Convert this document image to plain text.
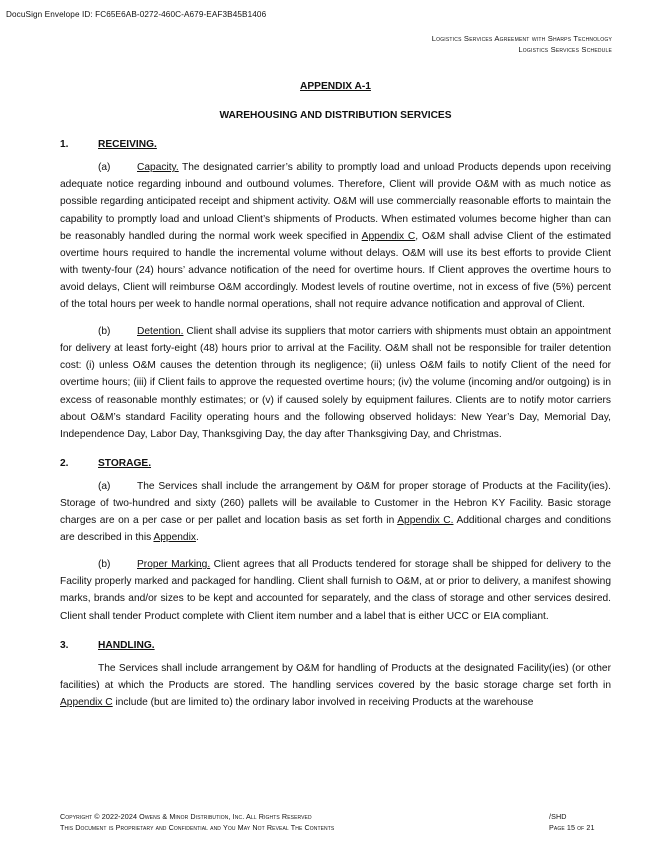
DocuSign Envelope ID: FC65E6AB-0272-460C-A679-EAF3B45B1406
Logistics Services Agreement with Sharps Technology
Logistics Services Schedule
APPENDIX A-1
WAREHOUSING AND DISTRIBUTION SERVICES
1.	RECEIVING.

(a)	Capacity. The designated carrier’s ability to promptly load and unload Products depends upon receiving adequate notice regarding inbound and outbound volumes. Therefore, Client will provide O&M with as much notice as possible regarding anticipated receipt and shipment activity. O&M will use commercially reasonable efforts to maintain the capability to promptly load and unload Client’s shipments of Products. When estimated volumes become higher than can be reasonably handled during the normal work week specified in Appendix C, O&M shall advise Client of the estimated overtime hours required to handle the incremental volume without delays. O&M will use its best efforts to provide Client with twenty-four (24) hours’ advance notification of the need for overtime hours. If Client approves the overtime hours to avoid delays, Client will reimburse O&M accordingly. Modest levels of routine overtime, not in excess of five (5%) percent of the total hours per week to handle normal operations, shall not require advance notification and approval of Client.

(b)	Detention. Client shall advise its suppliers that motor carriers with shipments must obtain an appointment for delivery at least forty-eight (48) hours prior to arrival at the Facility. O&M shall not be responsible for trailer detention cost: (i) unless O&M causes the detention through its negligence; (ii) unless O&M fails to notify Client of the need for overtime hours; (iii) if Client fails to approve the requested overtime hours; (iv) the volume (incoming and/or outgoing) is in excess of reasonable monthly estimates; or (v) if caused solely by equipment failures. Clients are to notify motor carriers about O&M’s standard Facility operating hours and the following observed holidays: New Year’s Day, Memorial Day, Independence Day, Labor Day, Thanksgiving Day, the day after Thanksgiving Day, and Christmas.

2.	STORAGE.

(a)	The Services shall include the arrangement by O&M for proper storage of Products at the Facility(ies). Storage of two-hundred and sixty (260) pallets will be available to Customer in the Hebron KY Facility. Basic storage charges are on a per case or per pallet and location basis as set forth in Appendix C. Additional charges and conditions are described in this Appendix.

(b)	Proper Marking. Client agrees that all Products tendered for storage shall be shipped for delivery to the Facility properly marked and packaged for handling. Client shall furnish to O&M, at or prior to delivery, a manifest showing marks, brands and/or sizes to be kept and accounted for separately, and the class of storage and other services desired. Client shall tender Product complete with Client item number and a label that is either UCC or EIA compliant.

3.	HANDLING.

The Services shall include arrangement by O&M for handling of Products at the designated Facility(ies) (or other facilities) at which the Products are stored. The handling services covered by the basic storage charge set forth in Appendix C include (but are limited to) the ordinary labor involved in receiving Products at the warehouse

Copyright © 2022-2024 Owens & Minor Distribution, Inc. All Rights Reserved	/SHD
This Document is Proprietary and Confidential and You May Not Reveal The Contents	Page 15 of 21
